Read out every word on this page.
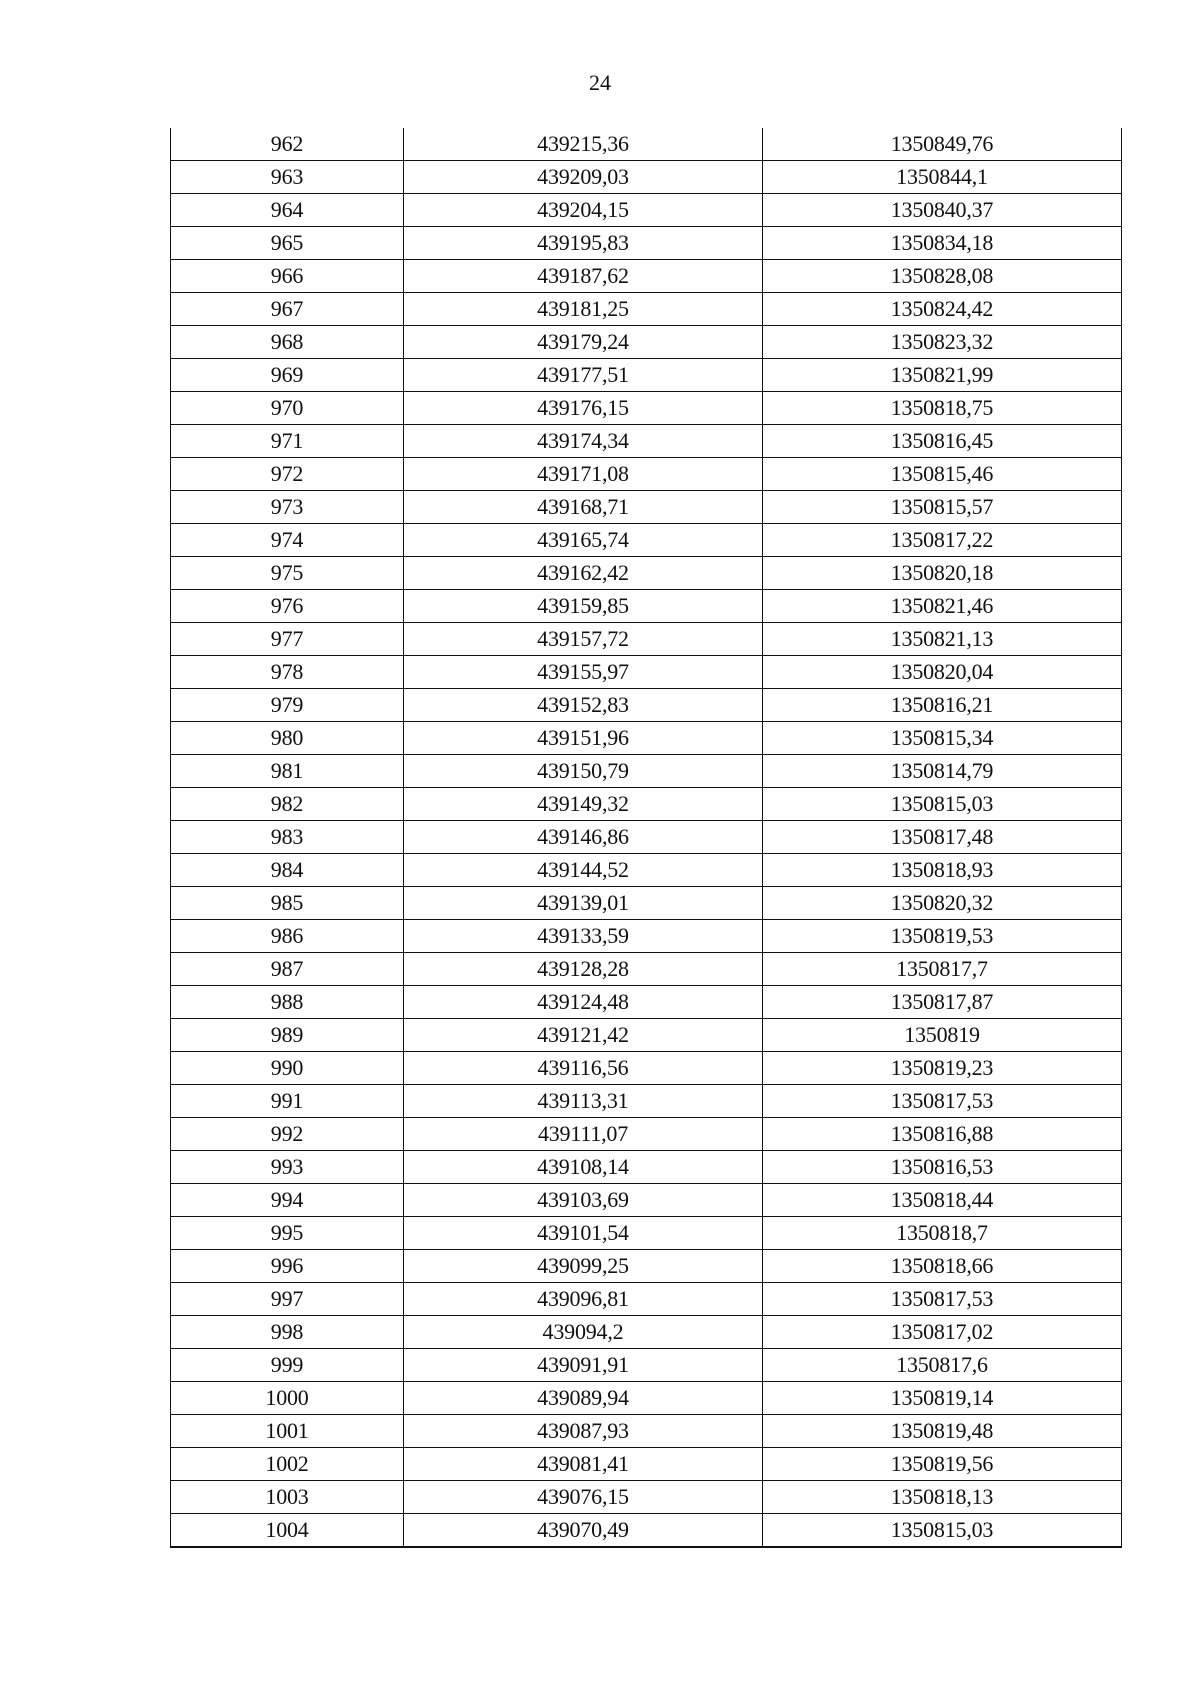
24
962	439215,36	1350849,76
963	439209,03	1350844,1
964	439204,15	1350840,37
965	439195,83	1350834,18
966	439187,62	1350828,08
967	439181,25	1350824,42
968	439179,24	1350823,32
969	439177,51	1350821,99
970	439176,15	1350818,75
971	439174,34	1350816,45
972	439171,08	1350815,46
973	439168,71	1350815,57
974	439165,74	1350817,22
975	439162,42	1350820,18
976	439159,85	1350821,46
977	439157,72	1350821,13
978	439155,97	1350820,04
979	439152,83	1350816,21
980	439151,96	1350815,34
981	439150,79	1350814,79
982	439149,32	1350815,03
983	439146,86	1350817,48
984	439144,52	1350818,93
985	439139,01	1350820,32
986	439133,59	1350819,53
987	439128,28	1350817,7
988	439124,48	1350817,87
989	439121,42	1350819
990	439116,56	1350819,23
991	439113,31	1350817,53
992	439111,07	1350816,88
993	439108,14	1350816,53
994	439103,69	1350818,44
995	439101,54	1350818,7
996	439099,25	1350818,66
997	439096,81	1350817,53
998	439094,2	1350817,02
999	439091,91	1350817,6
1000	439089,94	1350819,14
1001	439087,93	1350819,48
1002	439081,41	1350819,56
1003	439076,15	1350818,13
1004	439070,49	1350815,03
